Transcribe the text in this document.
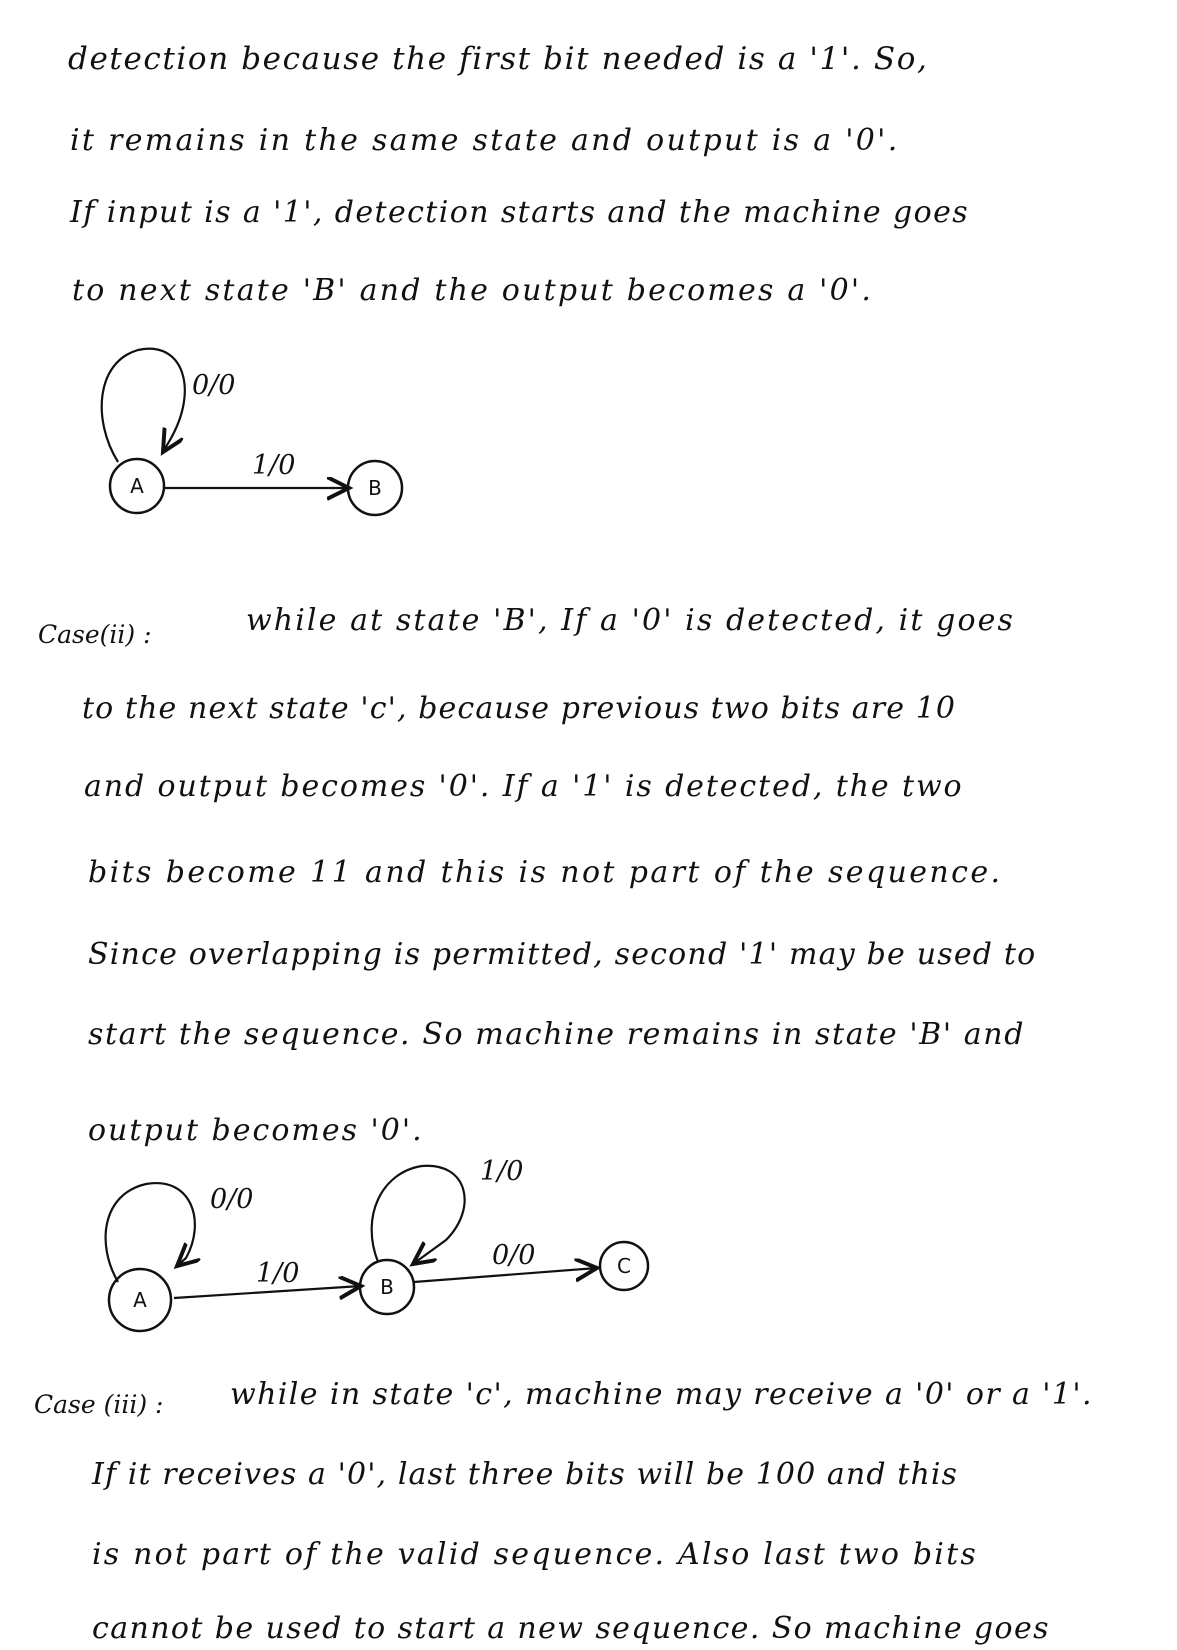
detection because the first bit needed is a '1'. So,
it remains in the same state and output is a '0'.
If input is a '1', detection starts and the machine goes
to next state 'B' and the output becomes a '0'.
A	B
0/0
1/0
Case(ii) :	while at state 'B', If a '0' is detected, it goes
to the next state 'c', because previous two bits are 10
and output becomes '0'. If a '1' is detected, the two
bits become 11 and this is not part of the sequence.
Since overlapping is permitted, second '1' may be used to
start the sequence. So machine remains in state 'B' and
output becomes '0'.
A
B
C
0/0
1/0
1/0
0/0
Case (iii) : while in state 'c', machine may receive a '0' or a '1'.
If it receives a '0', last three bits will be 100 and this
is not part of the valid sequence. Also last two bits
cannot be used to start a new sequence. So machine goes
